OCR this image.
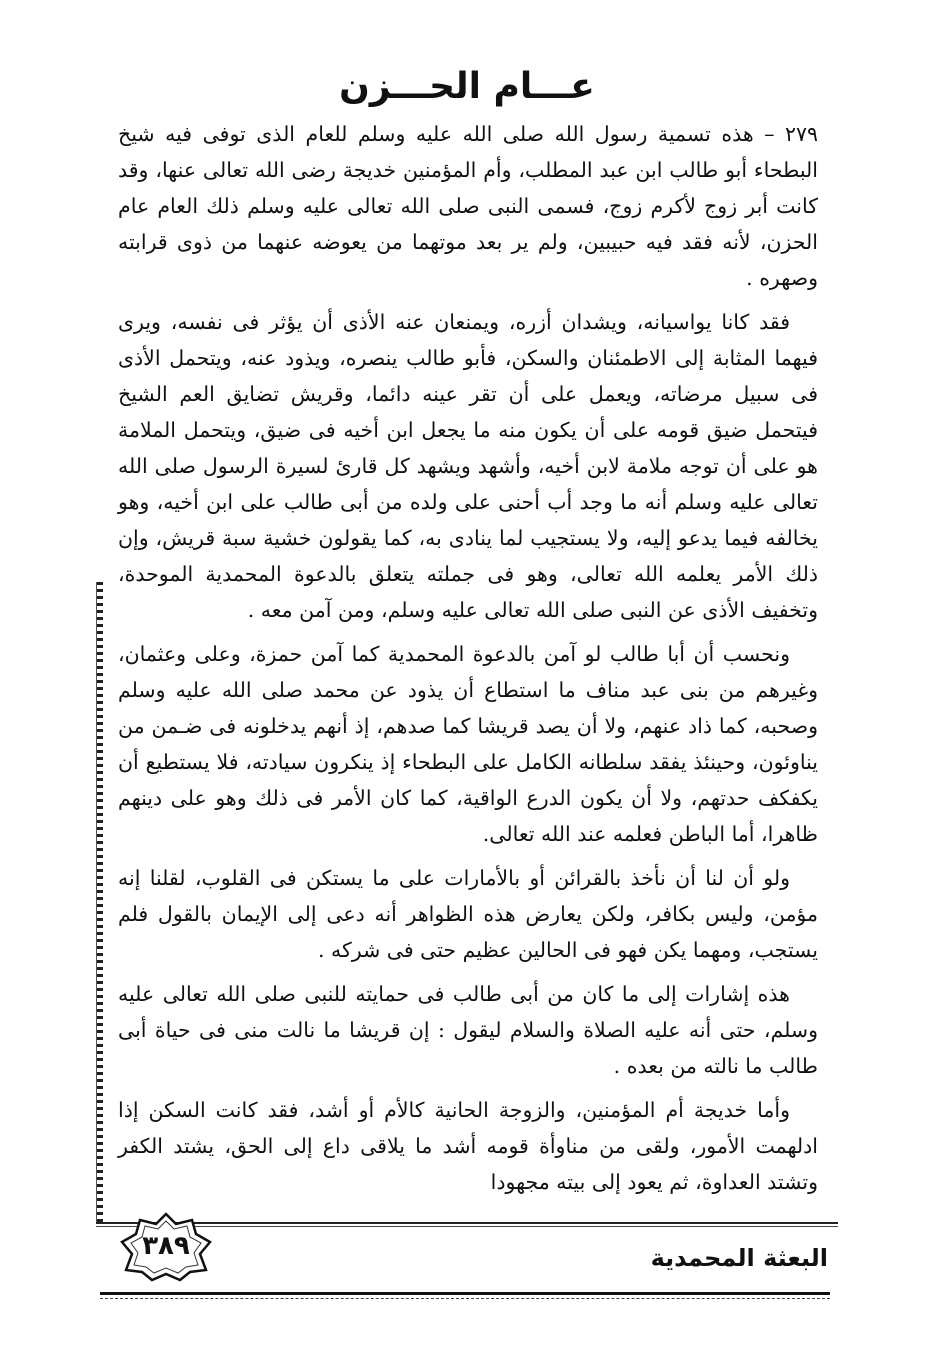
عـــام الحـــزن

٢٧٩ – هذه تسمية رسول الله صلى الله عليه وسلم للعام الذى توفى فيه شيخ البطحاء أبو طالب ابن عبد المطلب، وأم المؤمنين خديجة رضى الله تعالى عنها، وقد كانت أبر زوج لأكرم زوج، فسمى النبى صلى الله تعالى عليه وسلم ذلك العام عام الحزن، لأنه فقد فيه حبيبين، ولم ير بعد موتهما من يعوضه عنهما من ذوى قرابته وصهره .

فقد كانا يواسيانه، ويشدان أزره، ويمنعان عنه الأذى أن يؤثر فى نفسه، ويرى فيهما المثابة إلى الاطمئنان والسكن، فأبو طالب ينصره، ويذود عنه، ويتحمل الأذى فى سبيل مرضاته، ويعمل على أن تقر عينه دائما، وقريش تضايق العم الشيخ فيتحمل ضيق قومه على أن يكون منه ما يجعل ابن أخيه فى ضيق، ويتحمل الملامة هو على أن توجه ملامة لابن أخيه، وأشهد ويشهد كل قارئ لسيرة الرسول صلى الله تعالى عليه وسلم أنه ما وجد أب أحنى على ولده من أبى طالب على ابن أخيه، وهو يخالفه فيما يدعو إليه، ولا يستجيب لما ينادى به، كما يقولون خشية سبة قريش، وإن ذلك الأمر يعلمه الله تعالى، وهو فى جملته يتعلق بالدعوة المحمدية الموحدة، وتخفيف الأذى عن النبى صلى الله تعالى عليه وسلم، ومن آمن معه .

ونحسب أن أبا طالب لو آمن بالدعوة المحمدية كما آمن حمزة، وعلى وعثمان، وغيرهم من بنى عبد مناف ما استطاع أن يذود عن محمد صلى الله عليه وسلم وصحبه، كما ذاد عنهم، ولا أن يصد قريشا كما صدهم، إذ أنهم يدخلونه فى ضـمن من يناوئون، وحينئذ يفقد سلطانه الكامل على البطحاء إذ ينكرون سيادته، فلا يستطيع أن يكفكف حدتهم، ولا أن يكون الدرع الواقية، كما كان الأمر فى ذلك وهو على دينهم ظاهرا، أما الباطن فعلمه عند الله تعالى.

ولو أن لنا أن نأخذ بالقرائن أو بالأمارات على ما يستكن فى القلوب، لقلنا إنه مؤمن، وليس بكافر، ولكن يعارض هذه الظواهر أنه دعى إلى الإيمان بالقول فلم يستجب، ومهما يكن فهو فى الحالين عظيم حتى فى شركه .

هذه إشارات إلى ما كان من أبى طالب فى حمايته للنبى صلى الله تعالى عليه وسلم، حتى أنه عليه الصلاة والسلام ليقول : إن قريشا ما نالت منى فى حياة أبى طالب ما نالته من بعده .

وأما خديجة أم المؤمنين، والزوجة الحانية كالأم أو أشد، فقد كانت السكن إذا ادلهمت الأمور، ولقى من مناوأة قومه أشد ما يلاقى داع إلى الحق، يشتد الكفر وتشتد العداوة، ثم يعود إلى بيته مجهودا

٣٨٩	البعثة المحمدية
